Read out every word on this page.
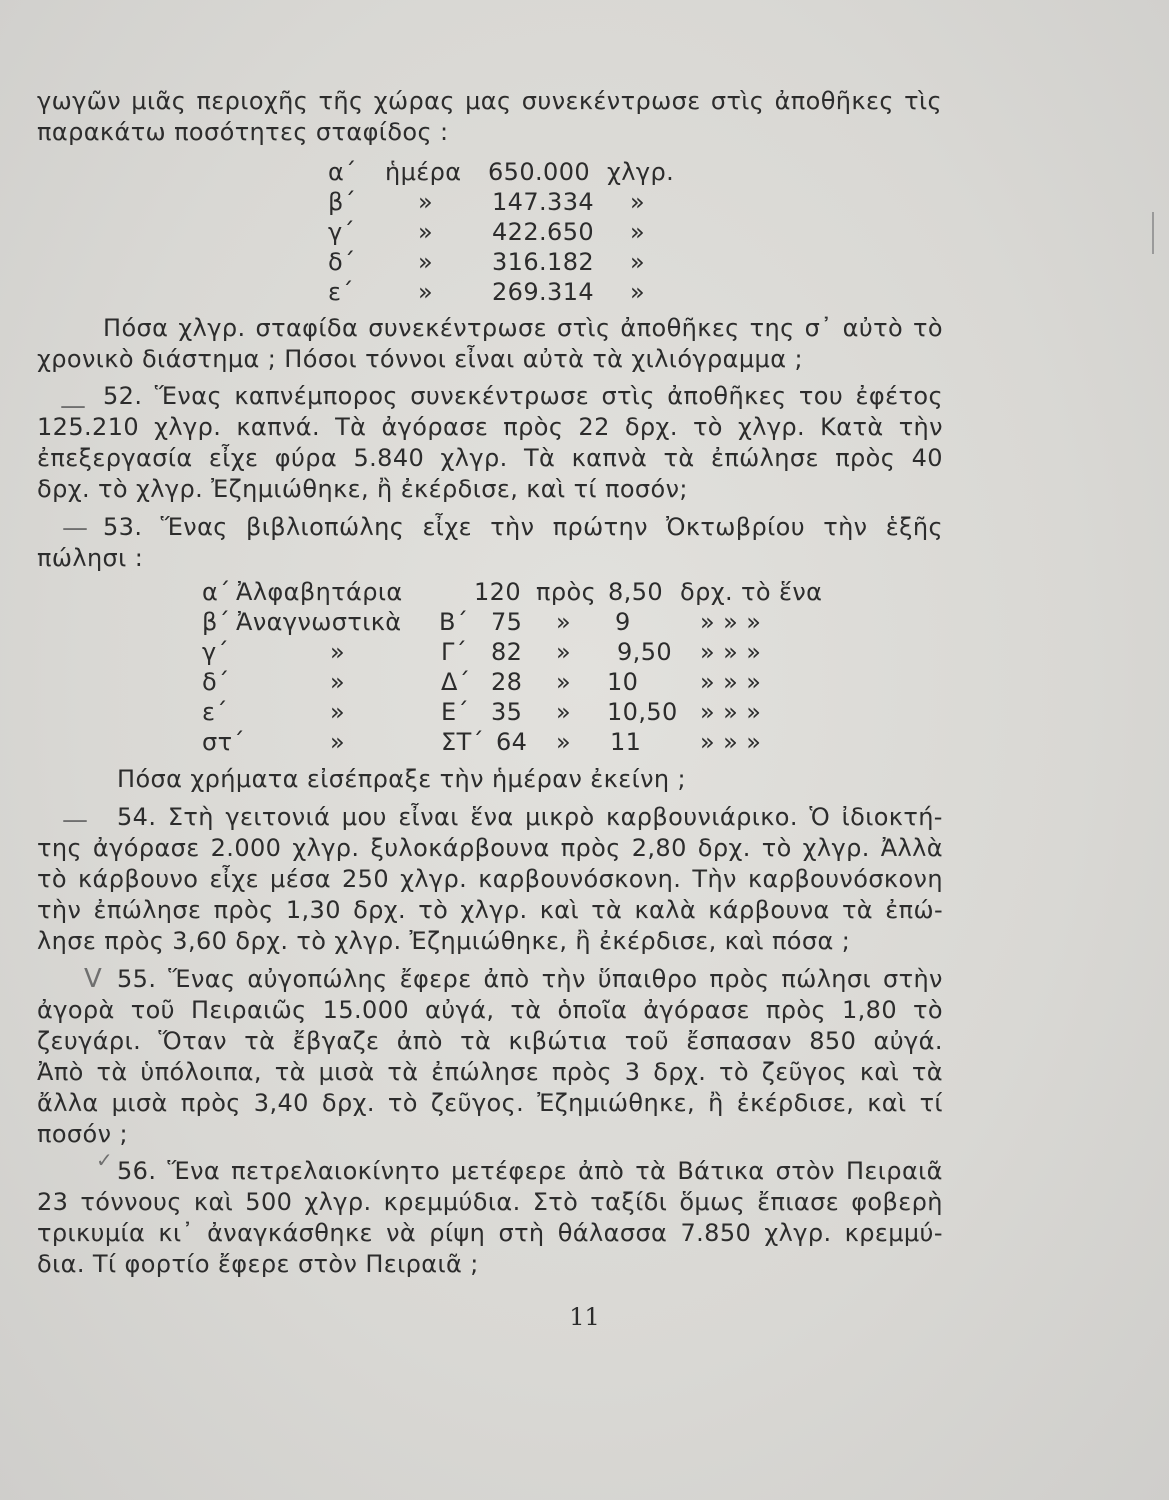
γωγῶν μιᾶς περιοχῆς τῆς χώρας μας συνεκέντρωσε στὶς ἀποθῆκες τὶς
παρακάτω ποσότητες σταφίδος :
α΄ ἡμέρα 650.000 χλγρ.
β΄	» 147.334 »
γ΄	» 422.650 »
δ΄	» 316.182 »
ε΄	» 269.314 »
Πόσα χλγρ. σταφίδα συνεκέντρωσε στὶς ἀποθῆκες της σ᾽ αὐτὸ τὸ
χρονικὸ διάστημα ; Πόσοι τόννοι εἶναι αὐτὰ τὰ χιλιόγραμμα ;
— 52. Ἕνας καπνέμπορος συνεκέντρωσε στὶς ἀποθῆκες του ἐφέτος
125.210 χλγρ. καπνά. Τὰ ἀγόρασε πρὸς 22 δρχ. τὸ χλγρ. Κατὰ τὴν
ἐπεξεργασία εἶχε φύρα 5.840 χλγρ. Τὰ καπνὰ τὰ ἐπώλησε πρὸς 40
δρχ. τὸ χλγρ. Ἐζημιώθηκε, ἢ ἐκέρδισε, καὶ τί ποσόν;
— 53. Ἕνας βιβλιοπώλης εἶχε τὴν πρώτην Ὀκτωβρίου τὴν ἑξῆς
πώλησι :
α΄ Ἀλφαβητάρια	120 πρὸς 8,50 δρχ. τὸ ἕνα
β΄ Ἀναγνωστικὰ Β΄ 75 » 9	» » »
γ΄	»	Γ΄ 82 » 9,50 » » »
δ΄	»	Δ΄ 28 » 10	» » »
ε΄	»	Ε΄ 35 » 10,50 » » »
στ΄	»	ΣΤ΄ 64 » 11 » » »
Πόσα χρήματα εἰσέπραξε τὴν ἡμέραν ἐκείνη ;
— 54. Στὴ γειτονιά μου εἶναι ἕνα μικρὸ καρβουνιάρικο. Ὁ ἰδιοκτή-
της ἀγόρασε 2.000 χλγρ. ξυλοκάρβουνα πρὸς 2,80 δρχ. τὸ χλγρ. Ἀλλὰ
τὸ κάρβουνο εἶχε μέσα 250 χλγρ. καρβουνόσκονη. Τὴν καρβουνόσκονη
τὴν ἐπώλησε πρὸς 1,30 δρχ. τὸ χλγρ. καὶ τὰ καλὰ κάρβουνα τὰ ἐπώ-
λησε πρὸς 3,60 δρχ. τὸ χλγρ. Ἐζημιώθηκε, ἢ ἐκέρδισε, καὶ πόσα ;
V 55. Ἕνας αὐγοπώλης ἔφερε ἀπὸ τὴν ὕπαιθρο πρὸς πώλησι στὴν
ἀγορὰ τοῦ Πειραιῶς 15.000 αὐγά, τὰ ὁποῖα ἀγόρασε πρὸς 1,80 τὸ
ζευγάρι. Ὅταν τὰ ἔβγαζε ἀπὸ τὰ κιβώτια τοῦ ἔσπασαν 850 αὐγά.
Ἀπὸ τὰ ὑπόλοιπα, τὰ μισὰ τὰ ἐπώλησε πρὸς 3 δρχ. τὸ ζεῦγος καὶ τὰ
ἄλλα μισὰ πρὸς 3,40 δρχ. τὸ ζεῦγος. Ἐζημιώθηκε, ἢ ἐκέρδισε, καὶ τί
ποσόν ;
✓ 56. Ἕνα πετρελαιοκίνητο μετέφερε ἀπὸ τὰ Βάτικα στὸν Πειραιᾶ
23 τόννους καὶ 500 χλγρ. κρεμμύδια. Στὸ ταξίδι ὅμως ἔπιασε φοβερὴ
τρικυμία κι᾽ ἀναγκάσθηκε νὰ ρίψη στὴ θάλασσα 7.850 χλγρ. κρεμμύ-
δια. Τί φορτίο ἔφερε στὸν Πειραιᾶ ;
11
